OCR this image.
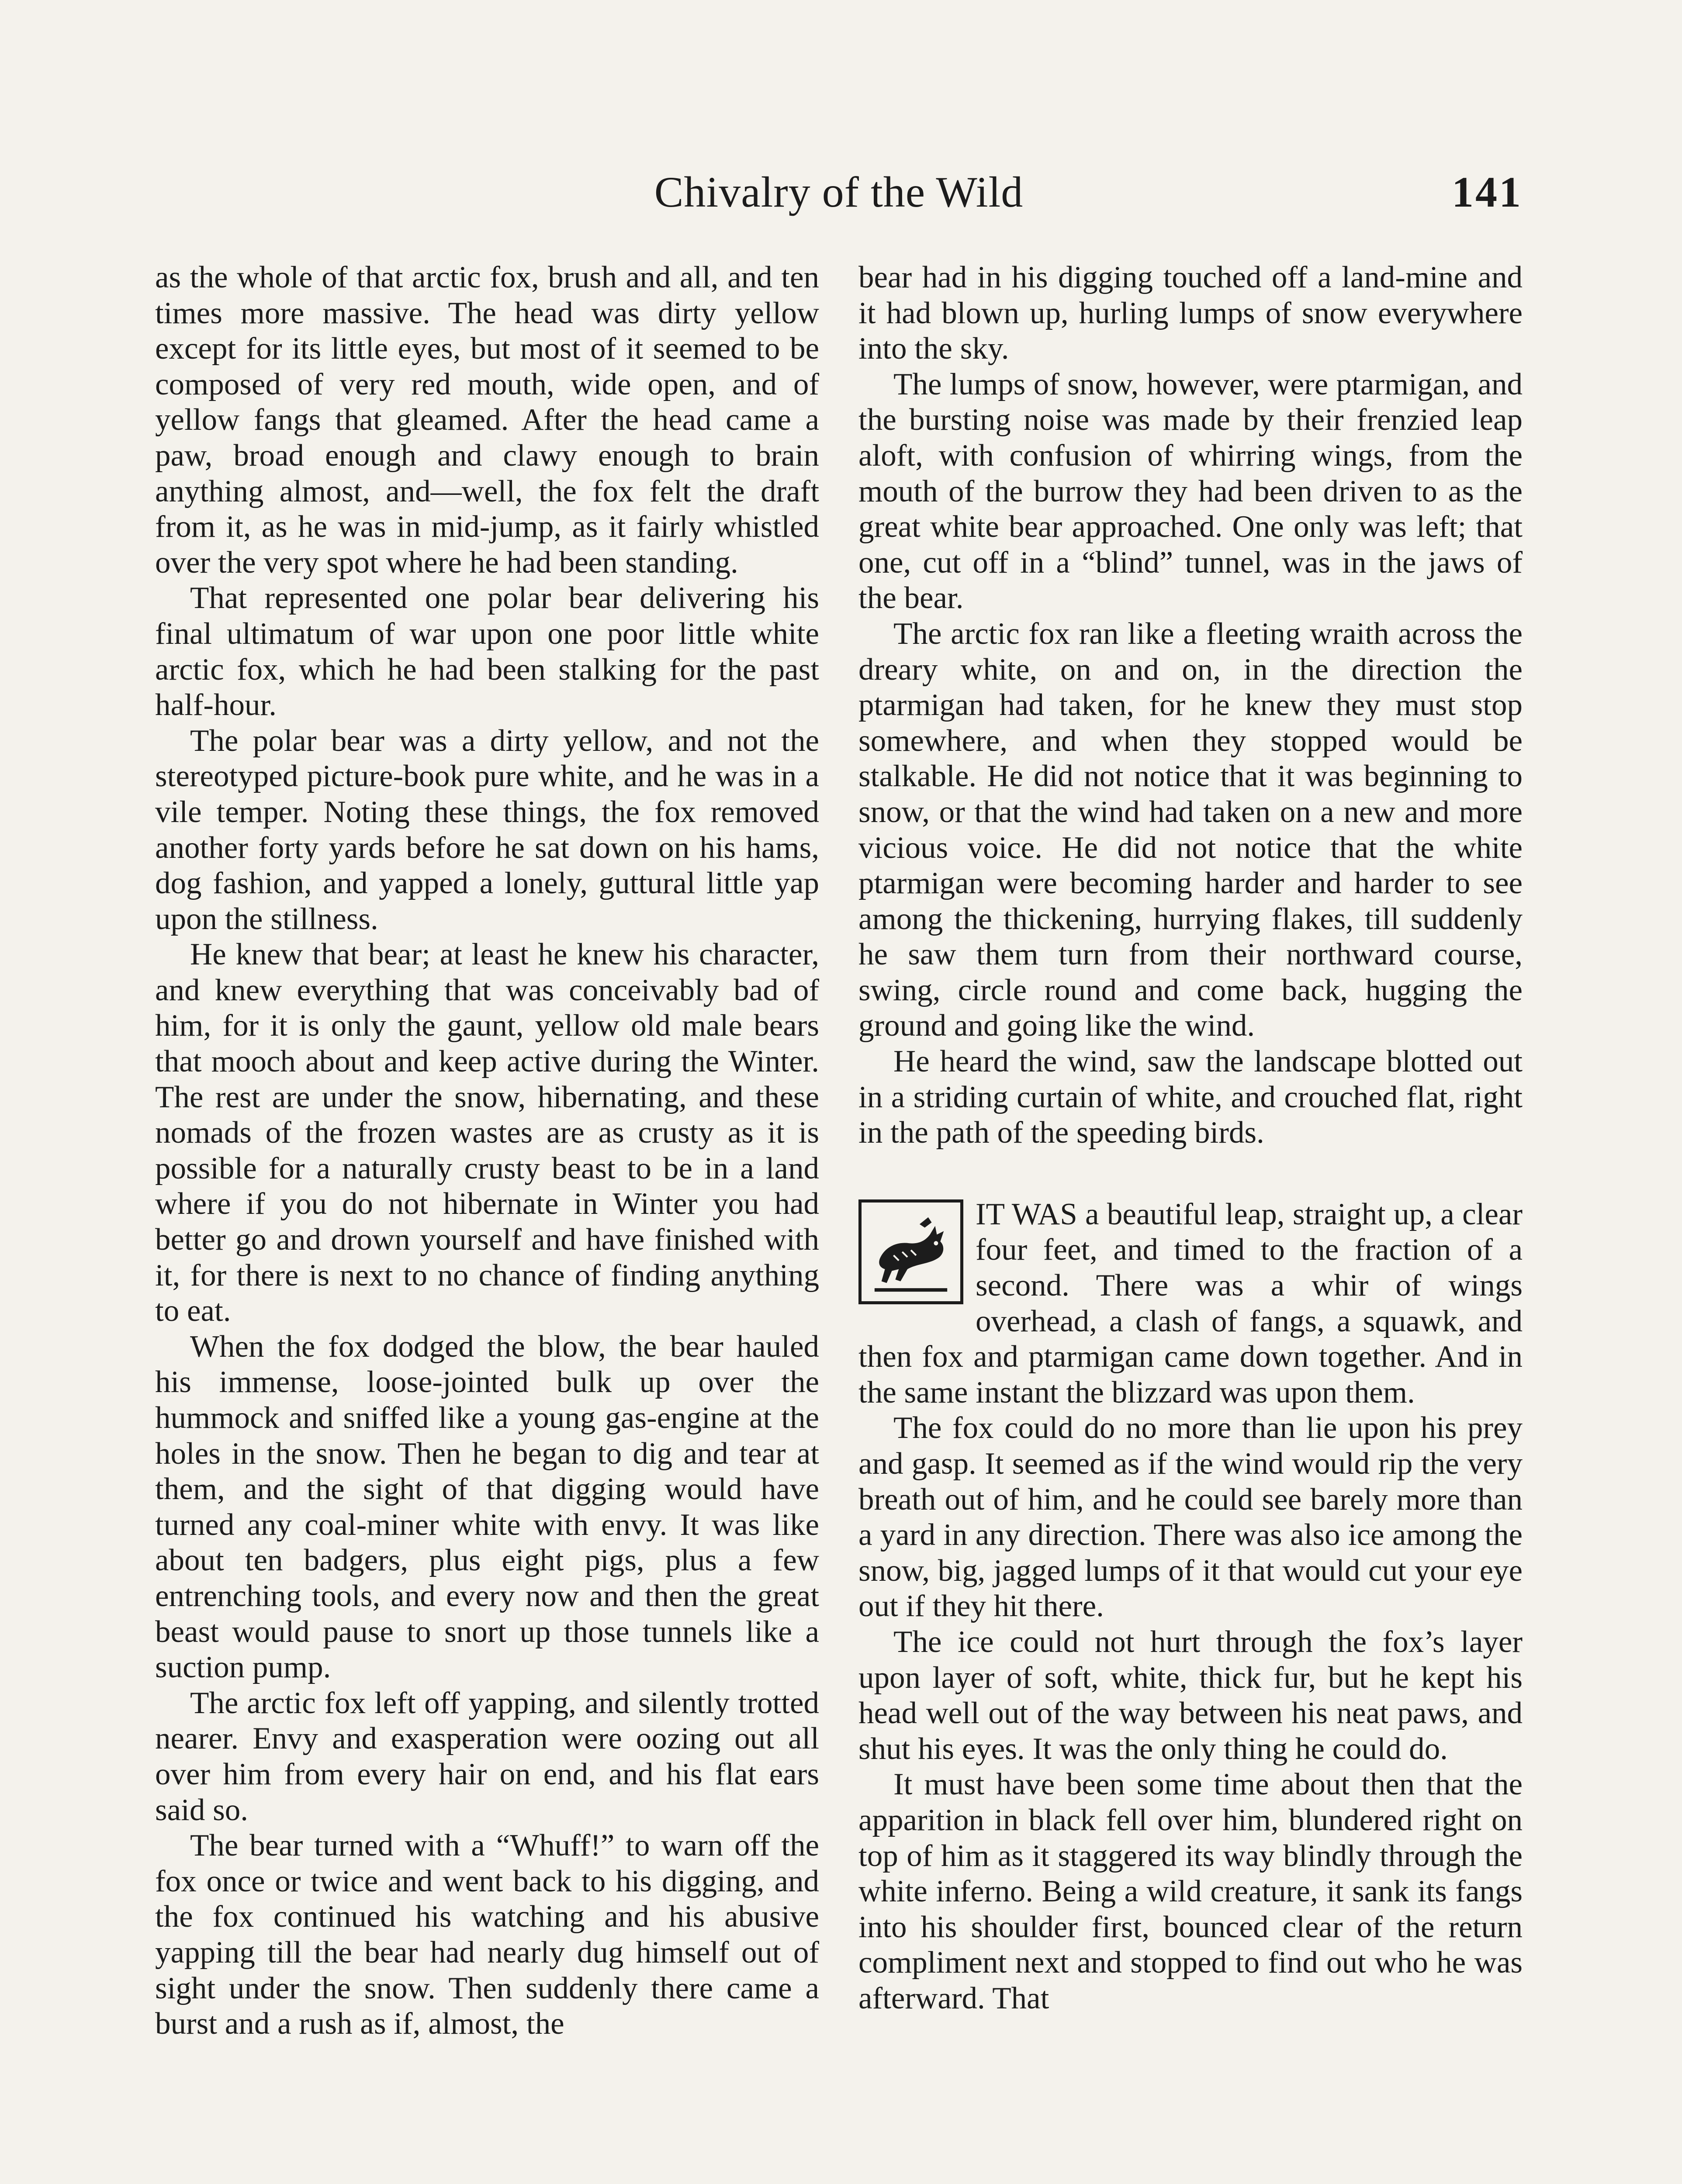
Chivalry of the Wild	141

as the whole of that arctic fox, brush and all, and ten times more massive. The head was dirty yellow except for its little eyes, but most of it seemed to be composed of very red mouth, wide open, and of yellow fangs that gleamed. After the head came a paw, broad enough and clawy enough to brain anything almost, and—well, the fox felt the draft from it, as he was in mid-jump, as it fairly whistled over the very spot where he had been standing.

That represented one polar bear delivering his final ultimatum of war upon one poor little white arctic fox, which he had been stalking for the past half-hour.

The polar bear was a dirty yellow, and not the stereotyped picture-book pure white, and he was in a vile temper. Noting these things, the fox removed another forty yards before he sat down on his hams, dog fashion, and yapped a lonely, guttural little yap upon the stillness.

He knew that bear; at least he knew his character, and knew everything that was conceivably bad of him, for it is only the gaunt, yellow old male bears that mooch about and keep active during the Winter. The rest are under the snow, hibernating, and these nomads of the frozen wastes are as crusty as it is possible for a naturally crusty beast to be in a land where if you do not hibernate in Winter you had better go and drown yourself and have finished with it, for there is next to no chance of finding anything to eat.

When the fox dodged the blow, the bear hauled his immense, loose-jointed bulk up over the hummock and sniffed like a young gas-engine at the holes in the snow. Then he began to dig and tear at them, and the sight of that digging would have turned any coal-miner white with envy. It was like about ten badgers, plus eight pigs, plus a few entrenching tools, and every now and then the great beast would pause to snort up those tunnels like a suction pump.

The arctic fox left off yapping, and silently trotted nearer. Envy and exasperation were oozing out all over him from every hair on end, and his flat ears said so.

The bear turned with a “Whuff!” to warn off the fox once or twice and went back to his digging, and the fox continued his watching and his abusive yapping till the bear had nearly dug himself out of sight under the snow. Then suddenly there came a burst and a rush as if, almost, the

bear had in his digging touched off a land-mine and it had blown up, hurling lumps of snow everywhere into the sky.

The lumps of snow, however, were ptarmigan, and the bursting noise was made by their frenzied leap aloft, with confusion of whirring wings, from the mouth of the burrow they had been driven to as the great white bear approached. One only was left; that one, cut off in a “blind” tunnel, was in the jaws of the bear.

The arctic fox ran like a fleeting wraith across the dreary white, on and on, in the direction the ptarmigan had taken, for he knew they must stop somewhere, and when they stopped would be stalkable. He did not notice that it was beginning to snow, or that the wind had taken on a new and more vicious voice. He did not notice that the white ptarmigan were becoming harder and harder to see among the thickening, hurrying flakes, till suddenly he saw them turn from their northward course, swing, circle round and come back, hugging the ground and going like the wind.

He heard the wind, saw the landscape blotted out in a striding curtain of white, and crouched flat, right in the path of the speeding birds.

IT WAS a beautiful leap, straight up, a clear four feet, and timed to the fraction of a second. There was a whir of wings overhead, a clash of fangs, a squawk, and then fox and ptarmigan came down together. And in the same instant the blizzard was upon them.

The fox could do no more than lie upon his prey and gasp. It seemed as if the wind would rip the very breath out of him, and he could see barely more than a yard in any direction. There was also ice among the snow, big, jagged lumps of it that would cut your eye out if they hit there.

The ice could not hurt through the fox’s layer upon layer of soft, white, thick fur, but he kept his head well out of the way between his neat paws, and shut his eyes. It was the only thing he could do.

It must have been some time about then that the apparition in black fell over him, blundered right on top of him as it staggered its way blindly through the white inferno. Being a wild creature, it sank its fangs into his shoulder first, bounced clear of the return compliment next and stopped to find out who he was afterward. That
